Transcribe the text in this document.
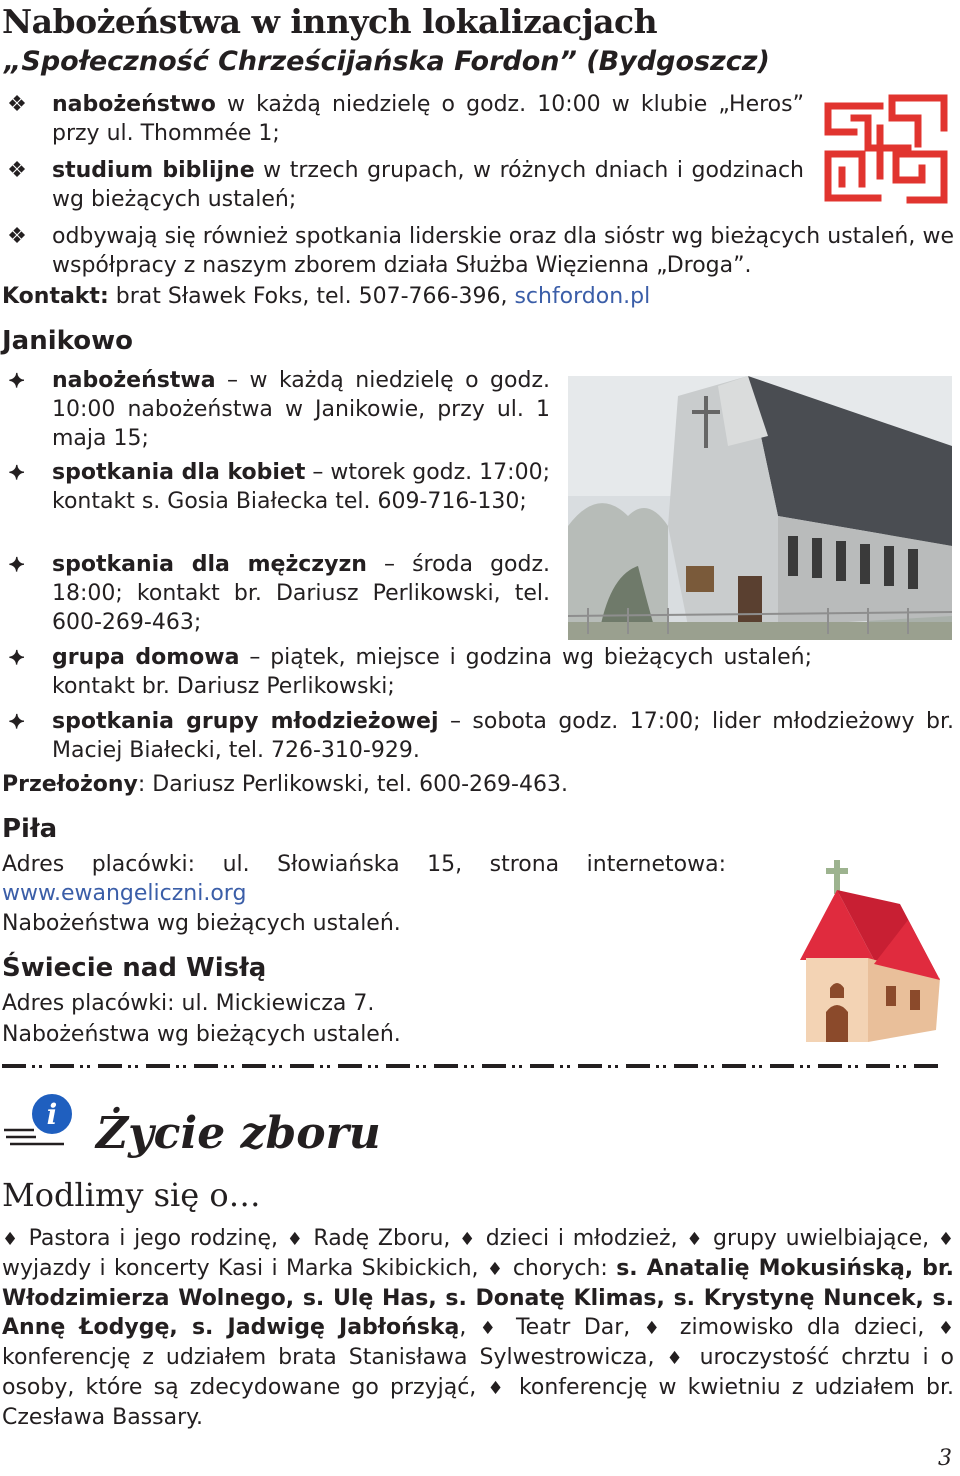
Nabożeństwa w innych lokalizacjach
„Społeczność Chrześcijańska Fordon” (Bydgoszcz)
❖ nabożeństwo w każdą niedzielę o godz. 10:00 w klubie „Heros” przy ul. Thommée 1;
❖ studium biblijne w trzech grupach, w różnych dniach i godzinach wg bieżących ustaleń;
❖ odbywają się również spotkania liderskie oraz dla sióstr wg bieżących ustaleń, we współpracy z naszym zborem działa Służba Więzienna „Droga”.
Kontakt: brat Sławek Foks, tel. 507-766-396, schfordon.pl
Janikowo
⯌ nabożeństwa – w każdą niedzielę o godz. 10:00 nabożeństwa w Janikowie, przy ul. 1 maja 15;
⯌ spotkania dla kobiet – wtorek godz. 17:00; kontakt s. Gosia Białecka tel. 609-716-130;
⯌ spotkania dla mężczyzn – środa godz. 18:00; kontakt br. Dariusz Perlikowski, tel. 600-269-463;
⯌ grupa domowa – piątek, miejsce i godzina wg bieżących ustaleń; kontakt br. Dariusz Perlikowski;
⯌ spotkania grupy młodzieżowej – sobota godz. 17:00; lider młodzieżowy br. Maciej Białecki, tel. 726-310-929.
Przełożony: Dariusz Perlikowski, tel. 600-269-463.
Piła
Adres placówki: ul. Słowiańska 15, strona internetowa:
www.ewangeliczni.org
Nabożeństwa wg bieżących ustaleń.
Świecie nad Wisłą
Adres placówki: ul. Mickiewicza 7.
Nabożeństwa wg bieżących ustaleń.
i Życie zboru
Modlimy się o…
♦ Pastora i jego rodzinę, ♦ Radę Zboru, ♦ dzieci i młodzież, ♦ grupy uwielbiające, ♦ wyjazdy i koncerty Kasi i Marka Skibickich, ♦ chorych: s. Anatalię Mokusińską, br. Włodzimierza Wolnego, s. Ulę Has, s. Donatę Klimas, s. Krystynę Nuncek, s. Annę Łodygę, s. Jadwigę Jabłońską, ♦ Teatr Dar, ♦ zimowisko dla dzieci, ♦ konferencję z udziałem brata Stanisława Sylwestrowicza, ♦ uroczystość chrztu i o osoby, które są zdecydowane go przyjąć, ♦ konferencję w kwietniu z udziałem br. Czesława Bassary.
3
